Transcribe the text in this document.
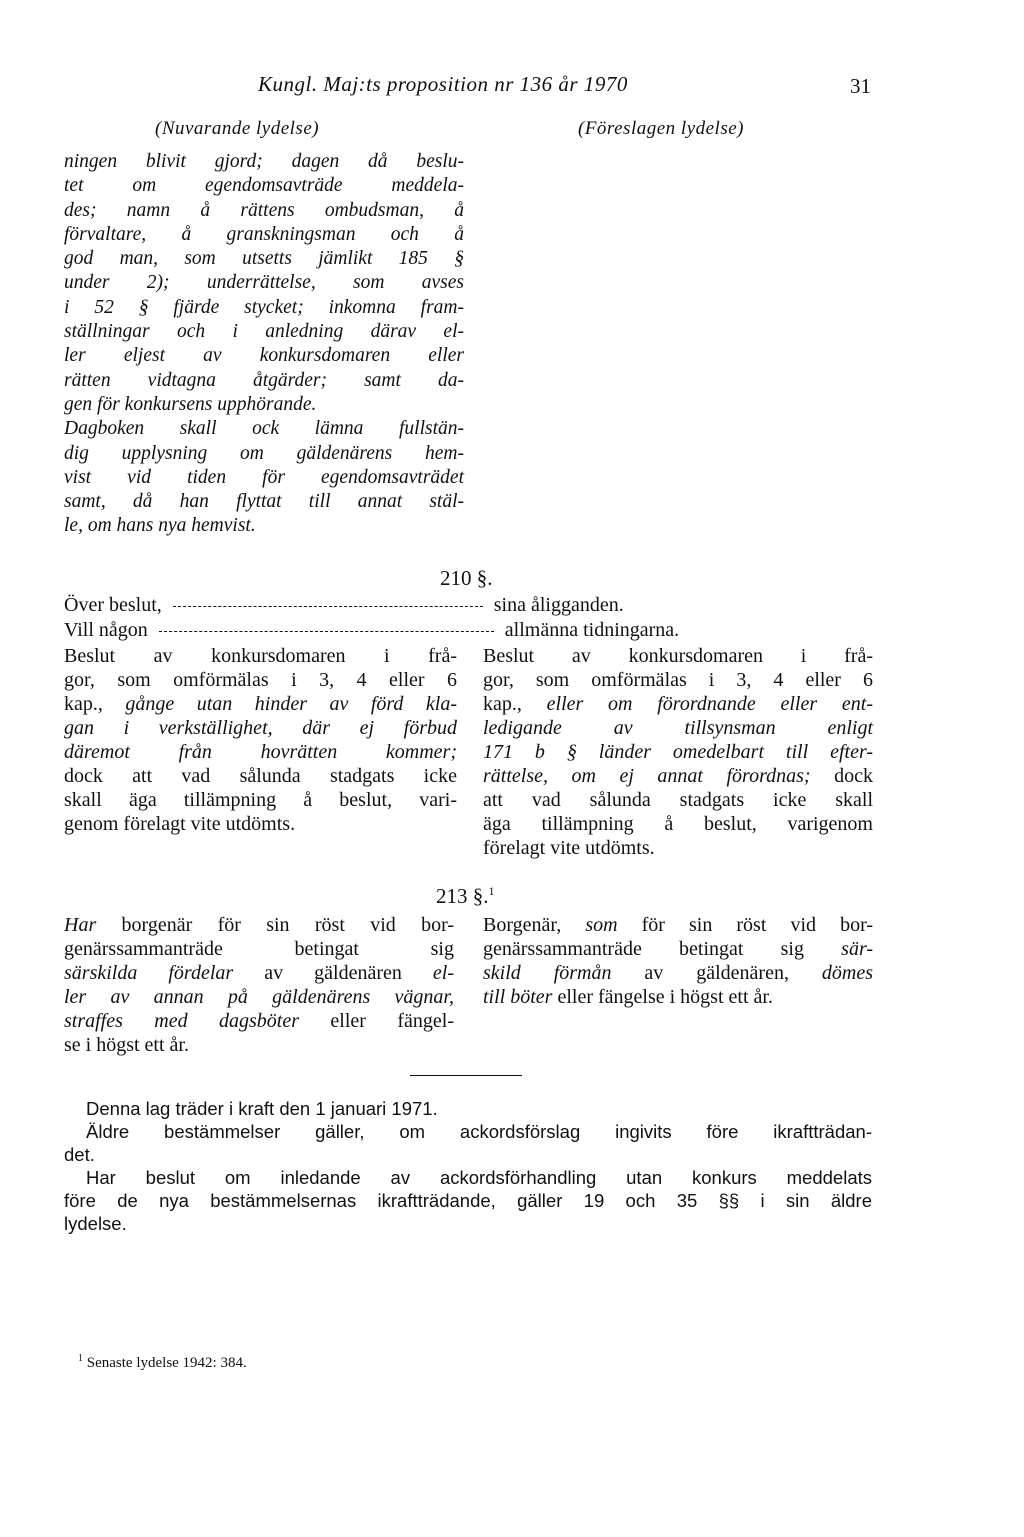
Kungl. Maj:ts proposition nr 136 år 1970	31
(Nuvarande lydelse)	(Föreslagen lydelse)
ningen blivit gjord; dagen då beslu-
tet om egendomsavträde meddela-
des; namn å rättens ombudsman, å
förvaltare, å granskningsman och å
god man, som utsetts jämlikt 185 §
under 2); underrättelse, som avses
i 52 § fjärde stycket; inkomna fram-
ställningar och i anledning därav el-
ler eljest av konkursdomaren eller
rätten vidtagna åtgärder; samt da-
gen för konkursens upphörande.
Dagboken skall ock lämna fullstän-
dig upplysning om gäldenärens hem-
vist vid tiden för egendomsavträdet
samt, då han flyttat till annat stäl-
le, om hans nya hemvist.
210 §.
Över beslut,	sina åligganden.
Vill någon	allmänna tidningarna.
Beslut av konkursdomaren i frå-
gor, som omförmälas i 3, 4 eller 6
kap., gånge utan hinder av förd kla-
gan i verkställighet, där ej förbud
däremot från hovrätten kommer;
dock att vad sålunda stadgats icke
skall äga tillämpning å beslut, vari-
genom förelagt vite utdömts.
Beslut av konkursdomaren i frå-
gor, som omförmälas i 3, 4 eller 6
kap., eller om förordnande eller ent-
ledigande av tillsynsman enligt
171 b § länder omedelbart till efter-
rättelse, om ej annat förordnas; dock
att vad sålunda stadgats icke skall
äga tillämpning å beslut, varigenom
förelagt vite utdömts.
213 §.$^1$
Har borgenär för sin röst vid bor-
genärssammanträde betingat sig
särskilda fördelar av gäldenären el-
ler av annan på gäldenärens vägnar,
straffes med dagsböter eller fängel-
se i högst ett år.
Borgenär, som för sin röst vid bor-
genärssammanträde betingat sig sär-
skild förmån av gäldenären, dömes
till böter eller fängelse i högst ett år.
Denna lag träder i kraft den 1 januari 1971.
Äldre bestämmelser gäller, om ackordsförslag ingivits före ikraftträdan-
det.
Har beslut om inledande av ackordsförhandling utan konkurs meddelats
före de nya bestämmelsernas ikraftträdande, gäller 19 och 35 §§ i sin äldre
lydelse.
$^1$ Senaste lydelse 1942: 384.
